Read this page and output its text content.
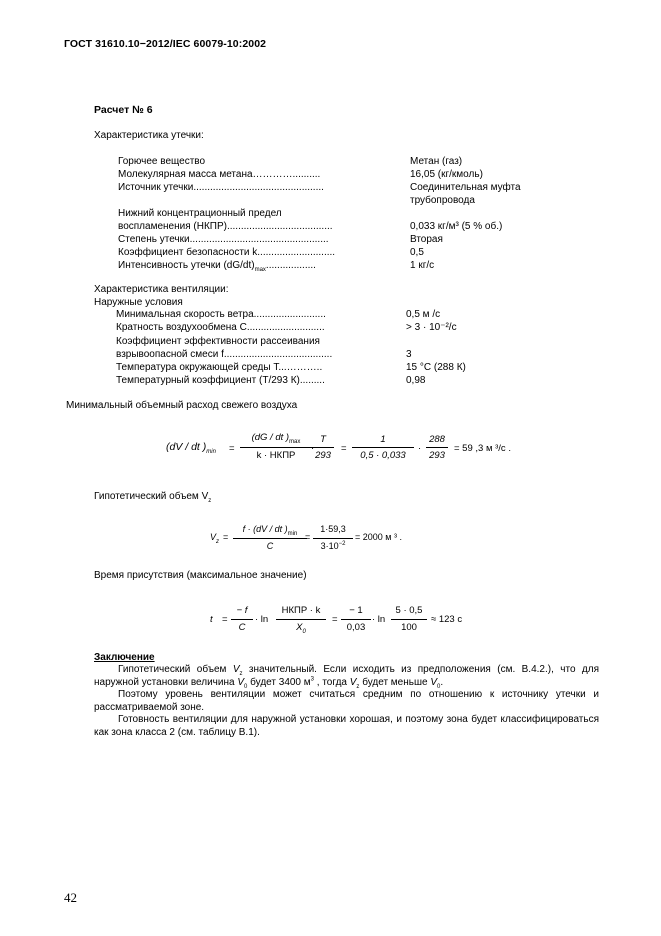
ГОСТ 31610.10−2012/IEC 60079-10:2002
Расчет № 6
Характеристика утечки:
Горючее вещество	Метан (газ)
Молекулярная масса метана…………..........	16,05 (кг/кмоль)
Источник утечки...............................................	Соединительная муфта
трубопровода
Нижний концентрационный предел
воспламенения (НКПР)......................................	0,033 кг/м³ (5 % об.)
Степень утечки..................................................	Вторая
Коэффициент безопасности k............................	0,5
Интенсивность утечки $(dG/dt)_{max}$..................	1 кг/с
Характеристика вентиляции:
Наружные условия
Минимальная скорость ветра..........................	0,5 м /с
Кратность воздухообмена C............................	> 3 · 10⁻²/с
Коэффициент эффективности рассеивания
взрывоопасной смеси f.......................................	3
Температура окружающей среды T...………..	15 °С (288 К)
Температурный коэффициент (T/293 К).........	0,98
Минимальный объемный расход свежего воздуха
(dV / dt )$_{min}$ =
(dG / dt )$_{max}$
k · НКПР
·
T
293
=
1
0,5 · 0,033
·
288
293
= 59 ,3 м ³/с .
Гипотетический объем $V_z$
$V_z$ =
f · (dV / dt )$_{min}$
C
=
1·59,3
$3\cdot 10^{-2}$
= 2000 м ³ .
Время присутствия (максимальное значение)
t =
− f
C
· ln
НКПР · k
$X_0$
=
− 1
0,03
· ln
5 · 0,5
100
≈ 123 с
Заключение

Гипотетический объем $V_z$ значительный. Если исходить из предположения (см. В.4.2.), что для наружной установки величина $V_0$ будет 3400 $м^3$ , тогда $V_z$ будет меньше $V_0$.

Поэтому уровень вентиляции может считаться средним по отношению к источнику утечки и рассматриваемой зоне.

Готовность вентиляции для наружной установки хорошая, и поэтому зона будет классифицироваться как зона класса 2 (см. таблицу В.1).

42
